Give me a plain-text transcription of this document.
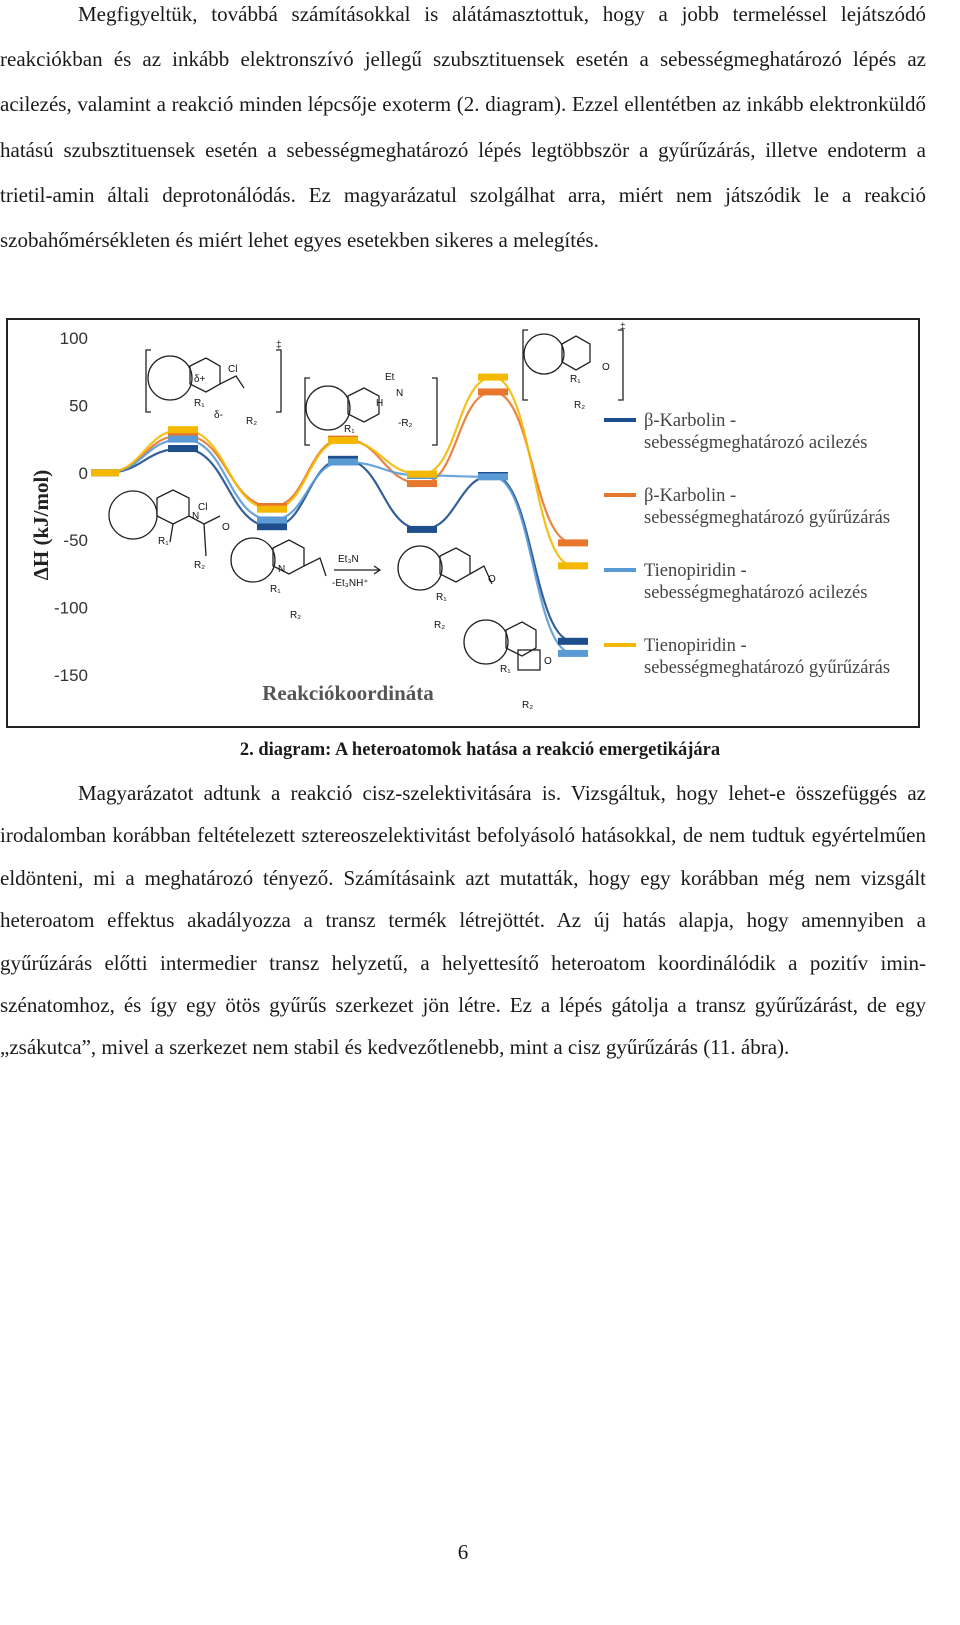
Megfigyeltük, továbbá számításokkal is alátámasztottuk, hogy a jobb termeléssel lejátszódó reakciókban és az inkább elektronszívó jellegű szubsztituensek esetén a sebességmeghatározó lépés az acilezés, valamint a reakció minden lépcsője exoterm (2. diagram). Ezzel ellentétben az inkább elektronküldő hatású szubsztituensek esetén a sebességmeghatározó lépés legtöbbször a gyűrűzárás, illetve endoterm a trietil-amin általi deprotonálódás. Ez magyarázatul szolgálhat arra, miért nem játszódik le a reakció szobahőmérsékleten és miért lehet egyes esetekben sikeres a melegítés.

100
50
0
-50
-100
-150
ΔH (kJ/mol)
β-Karbolin -
sebességmeghatározó acilezés
β-Karbolin -
sebességmeghatározó gyűrűzárás
Tienopiridin -
sebességmeghatározó acilezés
Tienopiridin -
sebességmeghatározó gyűrűzárás
Reakciókoordináta
N
Cl
O
R₁
R₂
‡
δ+
Cl
δ-
R₁
R₂
N
R₁
R₂
Et₃N
-Et₃NH⁺
Et
N
H
-R₂
R₁
O
R₁
R₂
‡
O
R₁
R₂
O
R₁
R₂
2. diagram: A heteroatomok hatása a reakció emergetikájára

Magyarázatot adtunk a reakció cisz-szelektivitására is. Vizsgáltuk, hogy lehet-e összefüggés az irodalomban korábban feltételezett sztereoszelektivitást befolyásoló hatásokkal, de nem tudtuk egyértelműen eldönteni, mi a meghatározó tényező. Számításaink azt mutatták, hogy egy korábban még nem vizsgált heteroatom effektus akadályozza a transz termék létrejöttét. Az új hatás alapja, hogy amennyiben a gyűrűzárás előtti intermedier transz helyzetű, a helyettesítő heteroatom koordinálódik a pozitív imin-szénatomhoz, és így egy ötös gyűrűs szerkezet jön létre. Ez a lépés gátolja a transz gyűrűzárást, de egy „zsákutca”, mivel a szerkezet nem stabil és kedvezőtlenebb, mint a cisz gyűrűzárás (11. ábra).

6
